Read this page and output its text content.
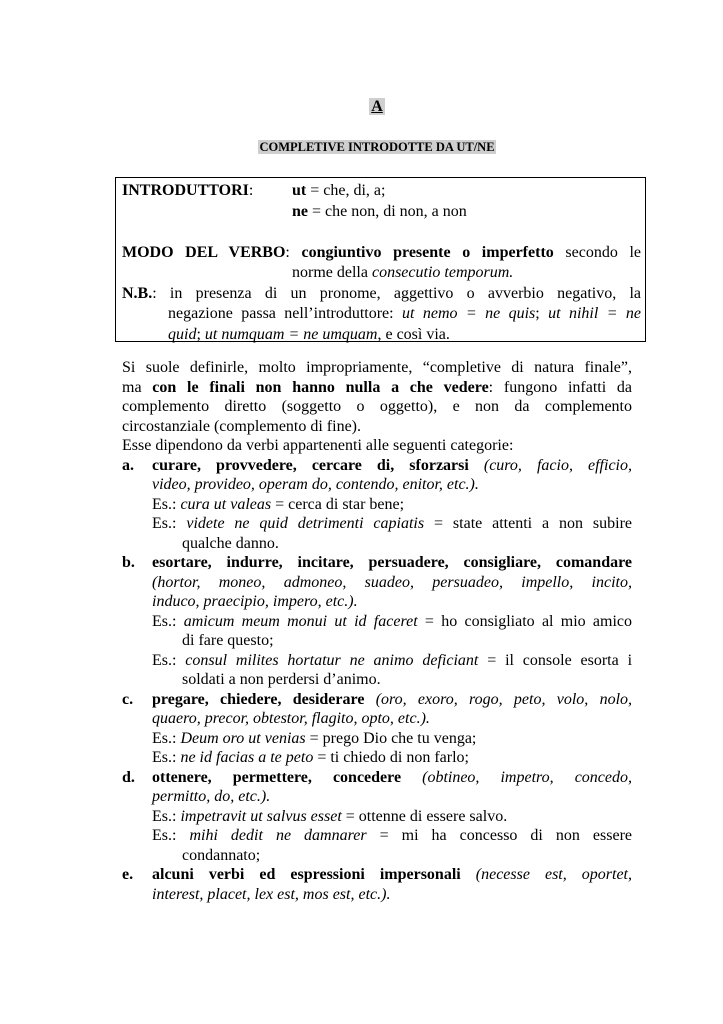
A
COMPLETIVE INTRODOTTE DA UT/NE
INTRODUTTORI: ut = che, di, a;
ne = che non, di non, a non
MODO DEL VERBO: congiuntivo presente o imperfetto secondo le
norme della consecutio temporum.
N.B.: in presenza di un pronome, aggettivo o avverbio negativo, la
negazione passa nell’introduttore: ut nemo = ne quis; ut nihil = ne
quid; ut numquam = ne umquam, e così via.
Si suole definirle, molto impropriamente, “completive di natura finale”,
ma con le finali non hanno nulla a che vedere: fungono infatti da
complemento diretto (soggetto o oggetto), e non da complemento
circostanziale (complemento di fine).
Esse dipendono da verbi appartenenti alle seguenti categorie:
a.	curare, provvedere, cercare di, sforzarsi (curo, facio, efficio,
video, provideo, operam do, contendo, enitor, etc.).
Es.: cura ut valeas = cerca di star bene;
Es.: videte ne quid detrimenti capiatis = state attenti a non subire
qualche danno.
b.	esortare, indurre, incitare, persuadere, consigliare, comandare
(hortor, moneo, admoneo, suadeo, persuadeo, impello, incito,
induco, praecipio, impero, etc.).
Es.: amicum meum monui ut id faceret = ho consigliato al mio amico
di fare questo;
Es.: consul milites hortatur ne animo deficiant = il console esorta i
soldati a non perdersi d’animo.
c.	pregare, chiedere, desiderare (oro, exoro, rogo, peto, volo, nolo,
quaero, precor, obtestor, flagito, opto, etc.).
Es.: Deum oro ut venias = prego Dio che tu venga;
Es.: ne id facias a te peto = ti chiedo di non farlo;
d.	ottenere, permettere, concedere (obtineo, impetro, concedo,
permitto, do, etc.).
Es.: impetravit ut salvus esset = ottenne di essere salvo.
Es.: mihi dedit ne damnarer = mi ha concesso di non essere
condannato;
e.	alcuni verbi ed espressioni impersonali (necesse est, oportet,
interest, placet, lex est, mos est, etc.).
